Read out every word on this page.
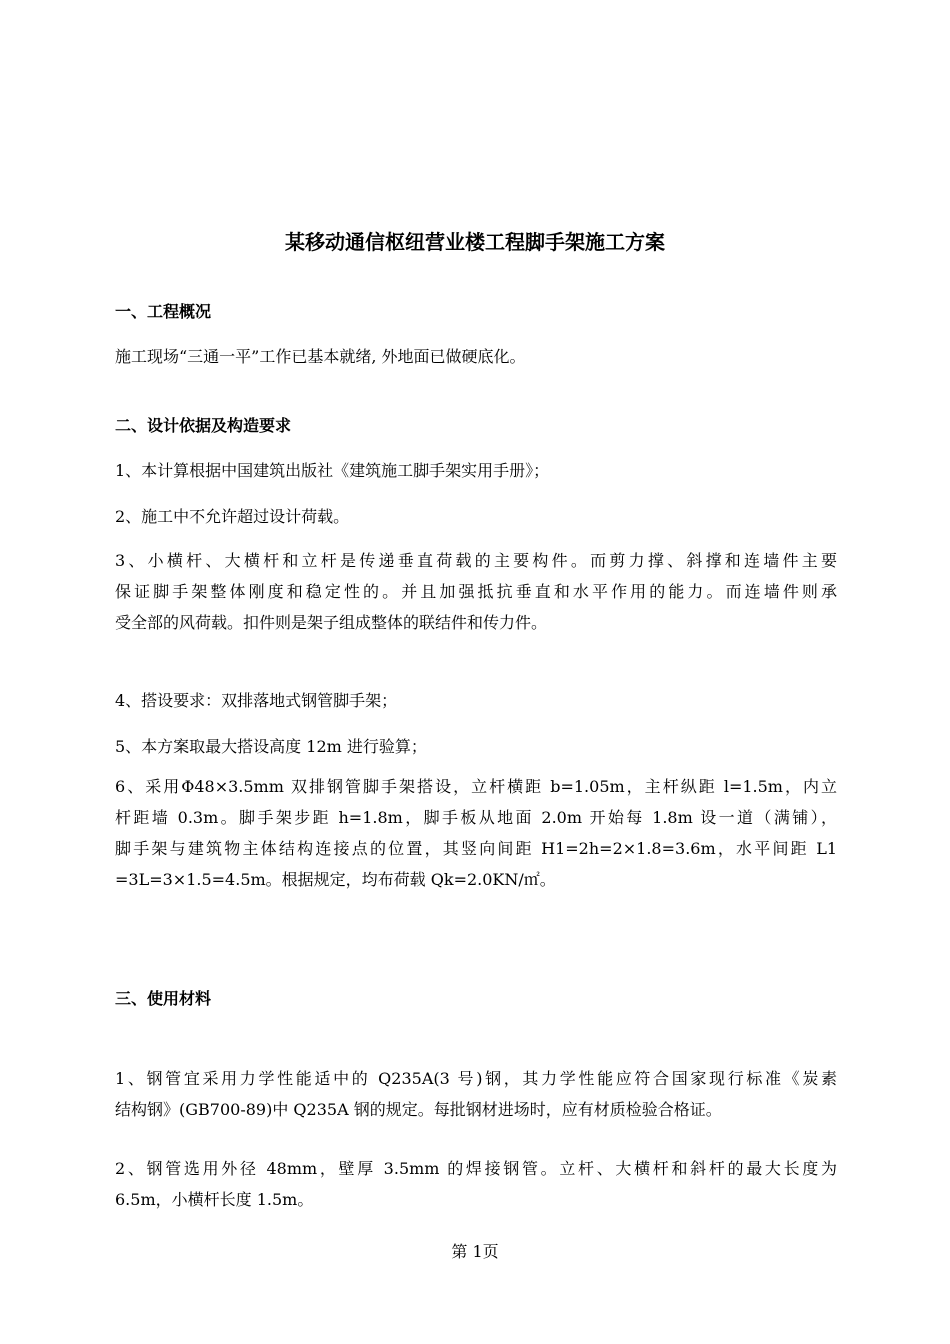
某移动通信枢纽营业楼工程脚手架施工方案
一、工程概况

施工现场“三通一平”工作已基本就绪, 外地面已做硬底化。

二、设计依据及构造要求

1、本计算根据中国建筑出版社《建筑施工脚手架实用手册》；

2、施工中不允许超过设计荷载。

3、小横杆、大横杆和立杆是传递垂直荷载的主要构件。而剪力撑、斜撑和连墙件主要
保证脚手架整体刚度和稳定性的。并且加强抵抗垂直和水平作用的能力。而连墙件则承
受全部的风荷载。扣件则是架子组成整体的联结件和传力件。

4、搭设要求：双排落地式钢管脚手架；

5、本方案取最大搭设高度 12m 进行验算；

6、采用Φ48×3.5mm 双排钢管脚手架搭设，立杆横距 b=1.05m，主杆纵距 l=1.5m，内立
杆距墙 0.3m。脚手架步距 h=1.8m，脚手板从地面 2.0m 开始每 1.8m 设一道（满铺），
脚手架与建筑物主体结构连接点的位置，其竖向间距 H1=2h=2×1.8=3.6m，水平间距 L1
=3L=3×1.5=4.5m。根据规定，均布荷载 Qk=2.0KN/㎡。

三、使用材料

1、钢管宜采用力学性能适中的 Q235A(3 号)钢，其力学性能应符合国家现行标准《炭素
结构钢》(GB700-89)中 Q235A 钢的规定。每批钢材进场时，应有材质检验合格证。

2、钢管选用外径 48mm，壁厚 3.5mm 的焊接钢管。立杆、大横杆和斜杆的最大长度为
6.5m，小横杆长度 1.5m。

第 1页
